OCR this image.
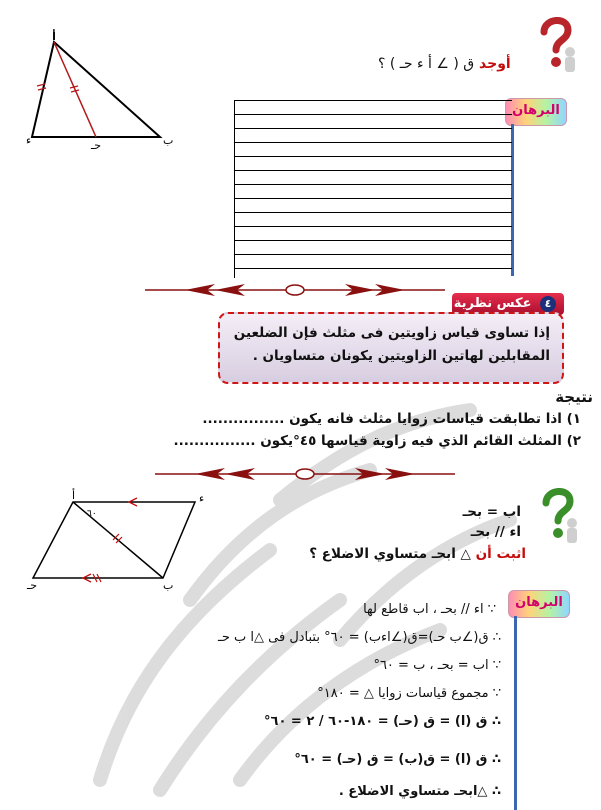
أوجد ق ( ∠ أ ء حـ ) ؟
أ
ء	ب
حـ
البرهان
عكس نظرية ٤
إذا تساوى قياس زاويتين فى مثلث فإن الضلعين
المقابلين لهاتين الزاويتين يكونان متساويان .
نتيجة
١) اذا تطابقت قياسات زوايا مثلث فانه يكون ................
٢) المثلث القائم الذي فيه زاوية قياسها ٤٥°يكون ................
اب = بحـ
اء // بحـ
اثبت أن △ ابحـ متساوي الاضلاع ؟
أ	ء
ب
حـ
٦٠
البرهان
∵ اء // بحـ ، اب قاطع لها
∴ ق(∠ب حـ)=ق(∠اءب) = ٦٠° بتبادل فى △ا ب حـ
∵ اب = بحـ ، ب = ٦٠°
∵ مجموع قياسات زوايا △ = ١٨٠°
∴ ق (ا) = ق (حـ) = ١٨٠-٦٠ / ٢ = ٦٠°
∴ ق (ا) = ق(ب) = ق (حـ) = ٦٠°
∴ △ابحـ متساوي الاضلاع .
